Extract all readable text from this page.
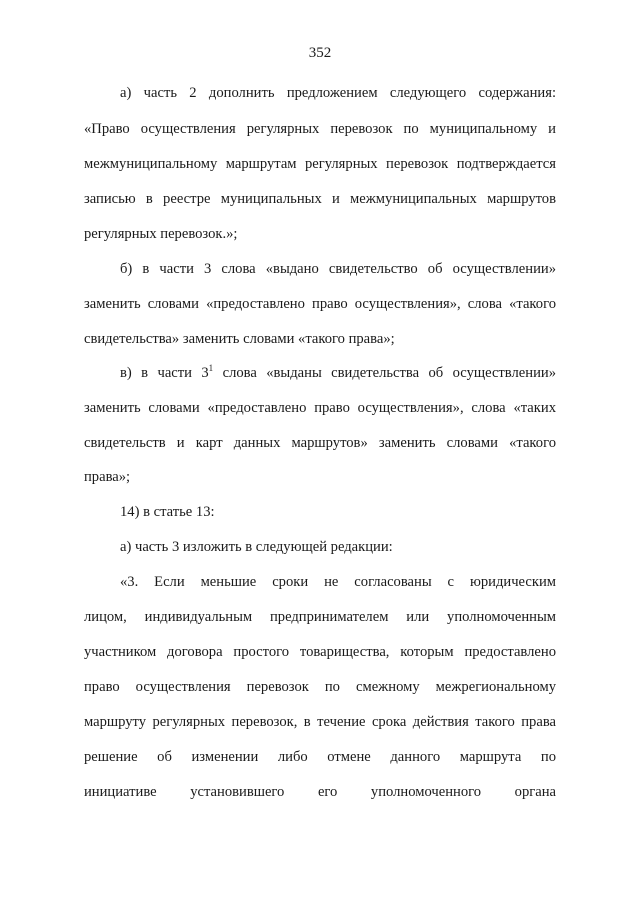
352
а) часть 2 дополнить предложением следующего содержания:
«Право осуществления регулярных перевозок по муниципальному и
межмуниципальному маршрутам регулярных перевозок подтверждается
записью в реестре муниципальных и межмуниципальных маршрутов
регулярных перевозок.»;
б) в части 3 слова «выдано свидетельство об осуществлении»
заменить словами «предоставлено право осуществления», слова «такого
свидетельства» заменить словами «такого права»;
в) в части $3^1$ слова «выданы свидетельства об осуществлении»
заменить словами «предоставлено право осуществления», слова «таких
свидетельств и карт данных маршрутов» заменить словами «такого
права»;
14) в статье 13:
а) часть 3 изложить в следующей редакции:
«3. Если меньшие сроки не согласованы с юридическим
лицом, индивидуальным предпринимателем или уполномоченным
участником договора простого товарищества, которым предоставлено
право осуществления перевозок по смежному межрегиональному
маршруту регулярных перевозок, в течение срока действия такого права
решение об изменении либо отмене данного маршрута по
инициативе установившего его уполномоченного органа
